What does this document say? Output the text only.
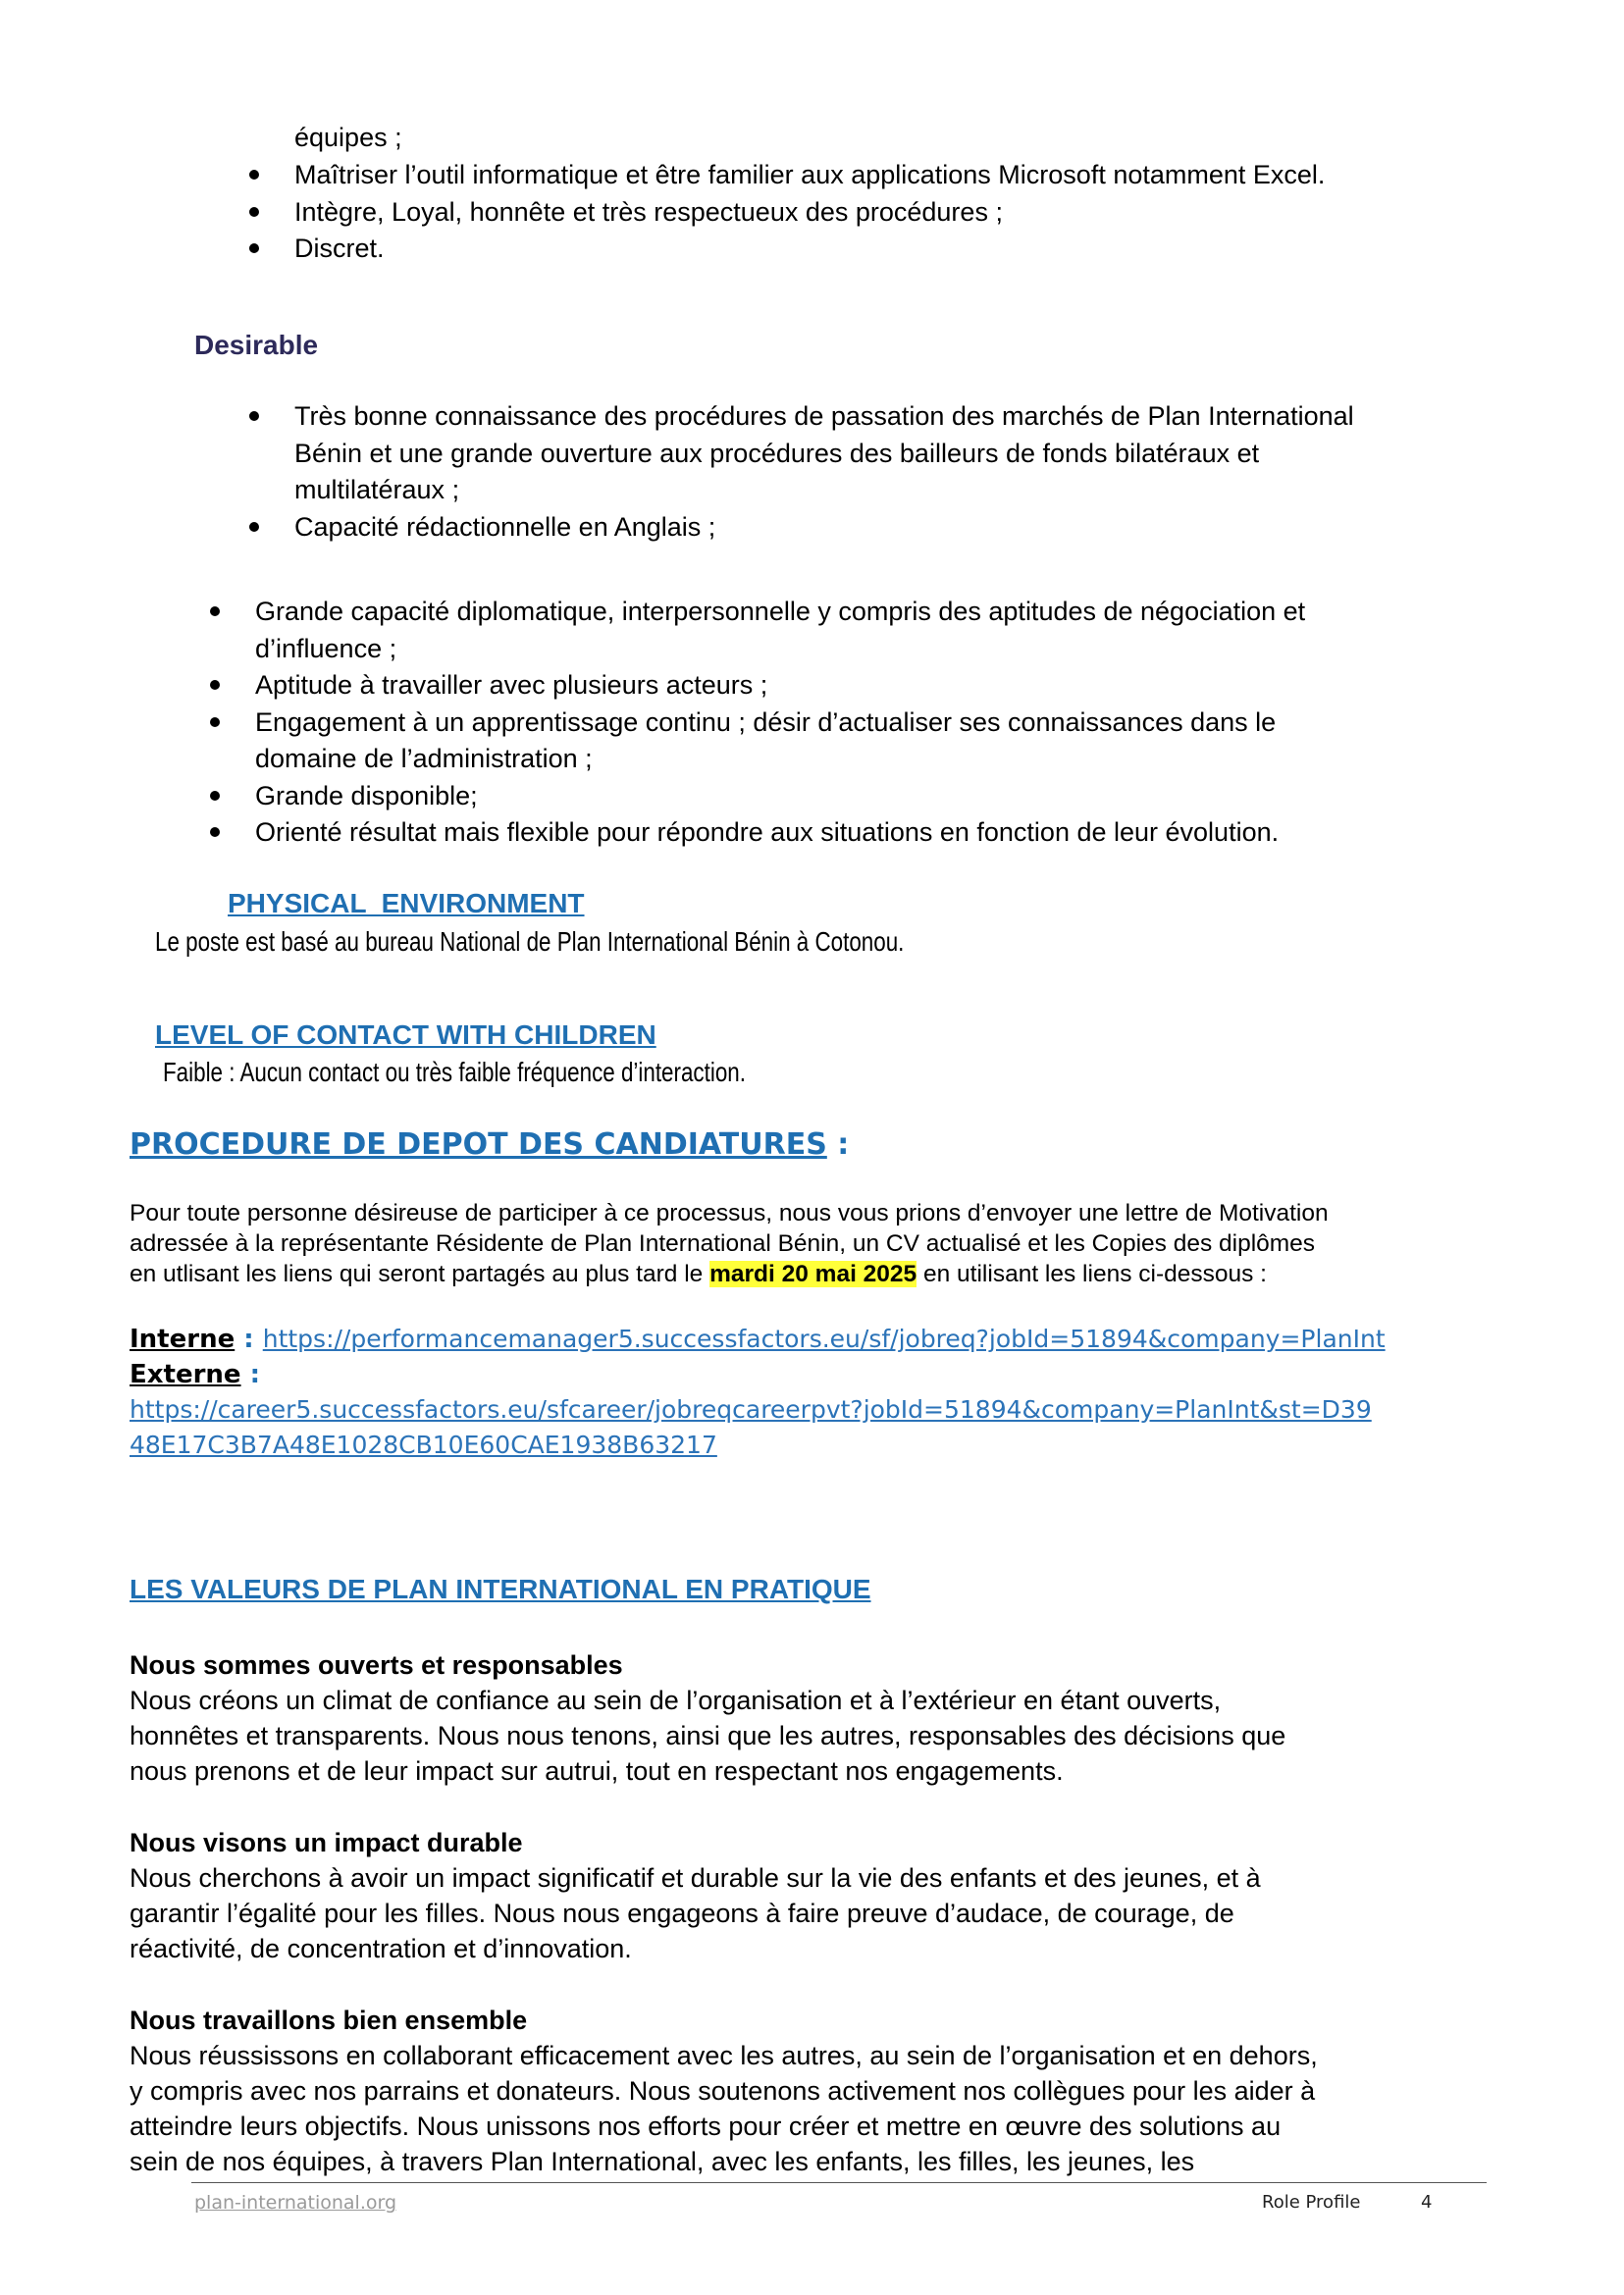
équipes ;
Maîtriser l’outil informatique et être familier aux applications Microsoft notamment Excel.
Intègre, Loyal, honnête et très respectueux des procédures ;
Discret.
Desirable
Très bonne connaissance des procédures de passation des marchés de Plan International
Bénin et une grande ouverture aux procédures des bailleurs de fonds bilatéraux et
multilatéraux ;
Capacité rédactionnelle en Anglais ;
Grande capacité diplomatique, interpersonnelle y compris des aptitudes de négociation et
d’influence ;
Aptitude à travailler avec plusieurs acteurs ;
Engagement à un apprentissage continu ; désir d’actualiser ses connaissances dans le
domaine de l’administration ;
Grande disponible;
Orienté résultat mais flexible pour répondre aux situations en fonction de leur évolution.
PHYSICAL  ENVIRONMENT
Le poste est basé au bureau National de Plan International Bénin à Cotonou.
LEVEL OF CONTACT WITH CHILDREN
Faible : Aucun contact ou très faible fréquence d’interaction.
PROCEDURE DE DEPOT DES CANDIATURES :
Pour toute personne désireuse de participer à ce processus, nous vous prions d’envoyer une lettre de Motivation
adressée à la représentante Résidente de Plan International Bénin, un CV actualisé et les Copies des diplômes
en utlisant les liens qui seront partagés au plus tard le mardi 20 mai 2025 en utilisant les liens ci-dessous :
Interne : https://performancemanager5.successfactors.eu/sf/jobreq?jobId=51894&company=PlanInt
Externe :
https://career5.successfactors.eu/sfcareer/jobreqcareerpvt?jobId=51894&company=PlanInt&st=D39
48E17C3B7A48E1028CB10E60CAE1938B63217
LES VALEURS DE PLAN INTERNATIONAL EN PRATIQUE
Nous sommes ouverts et responsables
Nous créons un climat de confiance au sein de l’organisation et à l’extérieur en étant ouverts,
honnêtes et transparents. Nous nous tenons, ainsi que les autres, responsables des décisions que
nous prenons et de leur impact sur autrui, tout en respectant nos engagements.
Nous visons un impact durable
Nous cherchons à avoir un impact significatif et durable sur la vie des enfants et des jeunes, et à
garantir l’égalité pour les filles. Nous nous engageons à faire preuve d’audace, de courage, de
réactivité, de concentration et d’innovation.
Nous travaillons bien ensemble
Nous réussissons en collaborant efficacement avec les autres, au sein de l’organisation et en dehors,
y compris avec nos parrains et donateurs. Nous soutenons activement nos collègues pour les aider à
atteindre leurs objectifs. Nous unissons nos efforts pour créer et mettre en œuvre des solutions au
sein de nos équipes, à travers Plan International, avec les enfants, les filles, les jeunes, les
plan-international.org	Role Profile	4
